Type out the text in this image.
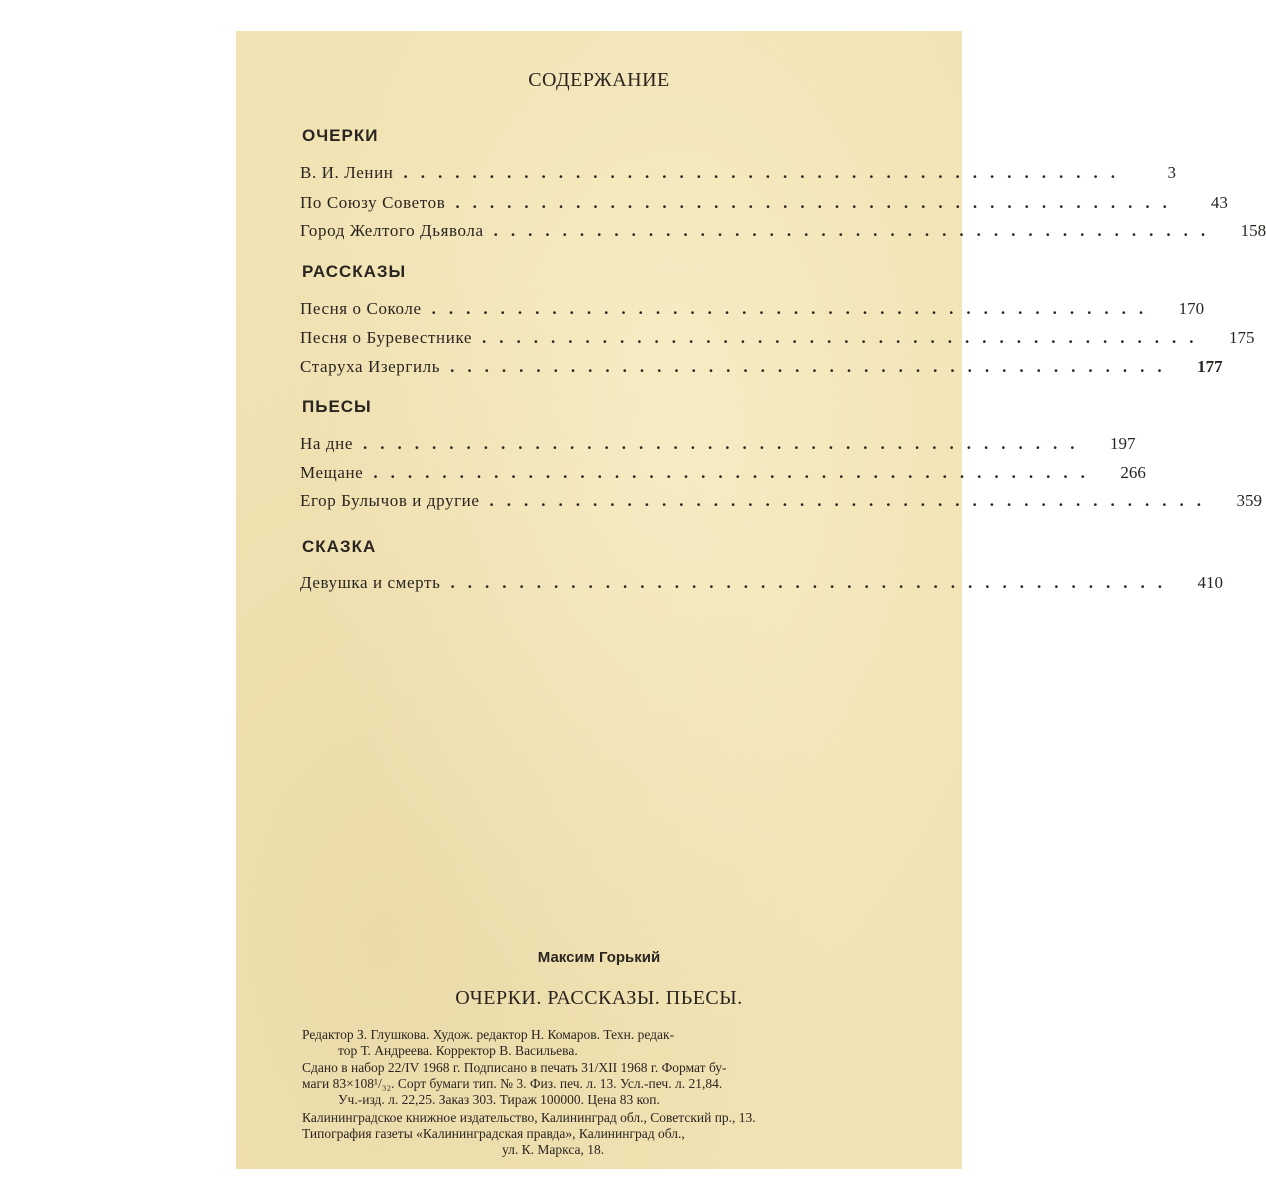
СОДЕРЖАНИЕ
ОЧЕРКИ
В. И. Ленин ..........................................	3
По Союзу Советов ..........................................	43
Город Желтого Дьявола ..........................................	158
РАССКАЗЫ
Песня о Соколе ..........................................	170
Песня о Буревестнике ..........................................	175
Старуха Изергиль ..........................................	177
ПЬЕСЫ
На дне ..........................................	197
Мещане ..........................................	266
Егор Булычов и другие ..........................................	359
СКАЗКА
Девушка и смерть ..........................................	410
Максим Горький
ОЧЕРКИ. РАССКАЗЫ. ПЬЕСЫ.
Редактор З. Глушкова. Худож. редактор Н. Комаров. Техн. редак-
тор Т. Андреева. Корректор В. Васильева.
Сдано в набор 22/IV 1968 г. Подписано в печать 31/XII 1968 г. Формат бу-
маги 83×108¹/₃₂. Сорт бумаги тип. № 3. Физ. печ. л. 13. Усл.-печ. л. 21,84.
Уч.-изд. л. 22,25. Заказ 303. Тираж 100000. Цена 83 коп.
Калининградское книжное издательство, Калининград обл., Советский пр., 13.
Типография газеты «Калининградская правда», Калининград обл.,
ул. К. Маркса, 18.
